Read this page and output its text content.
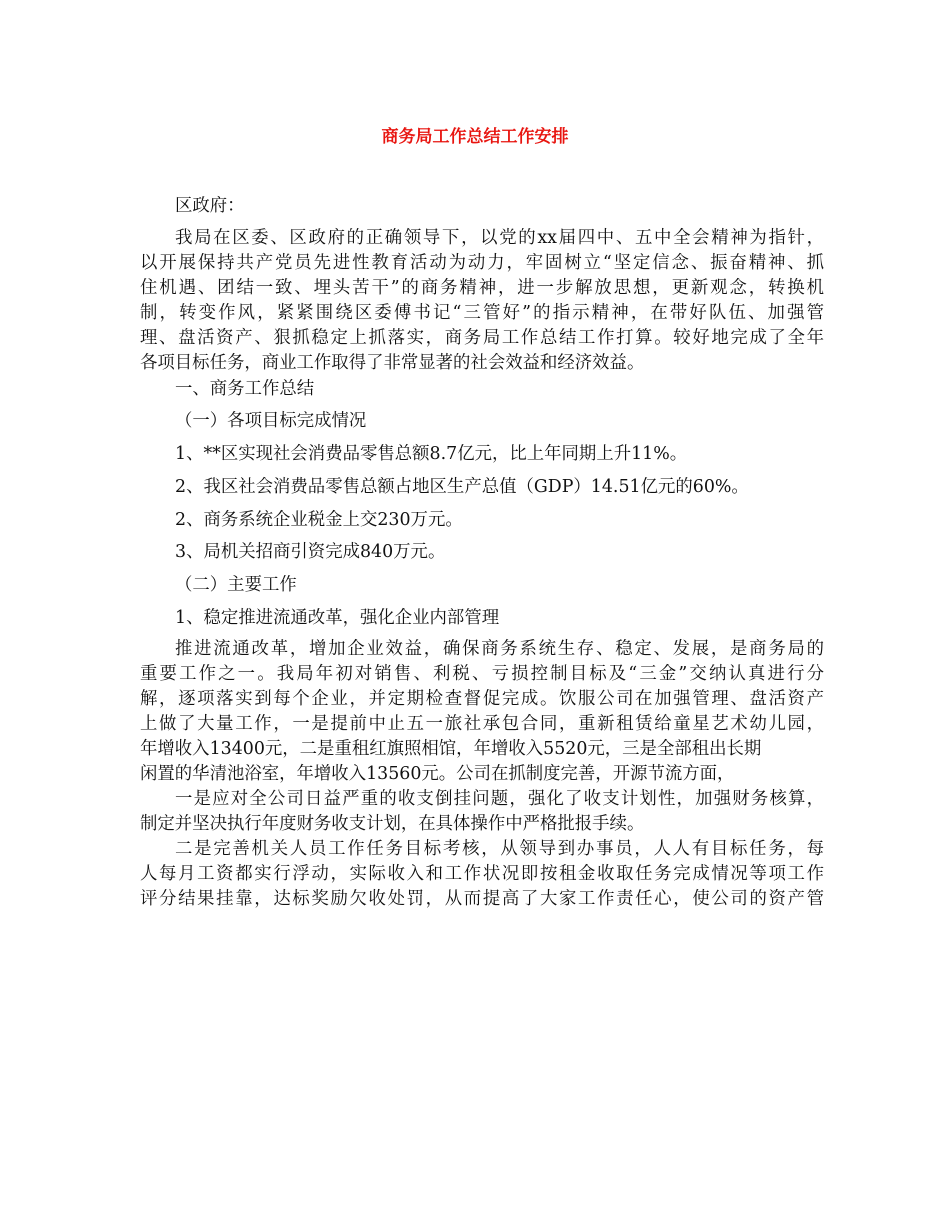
商务局工作总结工作安排

区政府：

我局在区委、区政府的正确领导下，以党的xx届四中、五中全会精神为指针，
以开展保持共产党员先进性教育活动为动力，牢固树立“坚定信念、振奋精神、抓
住机遇、团结一致、埋头苦干”的商务精神，进一步解放思想，更新观念，转换机
制，转变作风，紧紧围绕区委傅书记“三管好”的指示精神，在带好队伍、加强管
理、盘活资产、狠抓稳定上抓落实，商务局工作总结工作打算。较好地完成了全年
各项目标任务，商业工作取得了非常显著的社会效益和经济效益。

一、商务工作总结

（一）各项目标完成情况

1、**区实现社会消费品零售总额8.7亿元，比上年同期上升11%。

2、我区社会消费品零售总额占地区生产总值（GDP）14.51亿元的60%。

2、商务系统企业税金上交230万元。

3、局机关招商引资完成840万元。

（二）主要工作

1、稳定推进流通改革，强化企业内部管理

推进流通改革，增加企业效益，确保商务系统生存、稳定、发展，是商务局的
重要工作之一。我局年初对销售、利税、亏损控制目标及“三金”交纳认真进行分
解，逐项落实到每个企业，并定期检查督促完成。饮服公司在加强管理、盘活资产
上做了大量工作，一是提前中止五一旅社承包合同，重新租赁给童星艺术幼儿园，
年增收入13400元，二是重租红旗照相馆，年增收入5520元，三是全部租出长期
闲置的华清池浴室，年增收入13560元。公司在抓制度完善，开源节流方面，
一是应对全公司日益严重的收支倒挂问题，强化了收支计划性，加强财务核算，
制定并坚决执行年度财务收支计划，在具体操作中严格批报手续。
二是完善机关人员工作任务目标考核，从领导到办事员，人人有目标任务，每
人每月工资都实行浮动，实际收入和工作状况即按租金收取任务完成情况等项工作
评分结果挂靠，达标奖励欠收处罚，从而提高了大家工作责任心，使公司的资产管
